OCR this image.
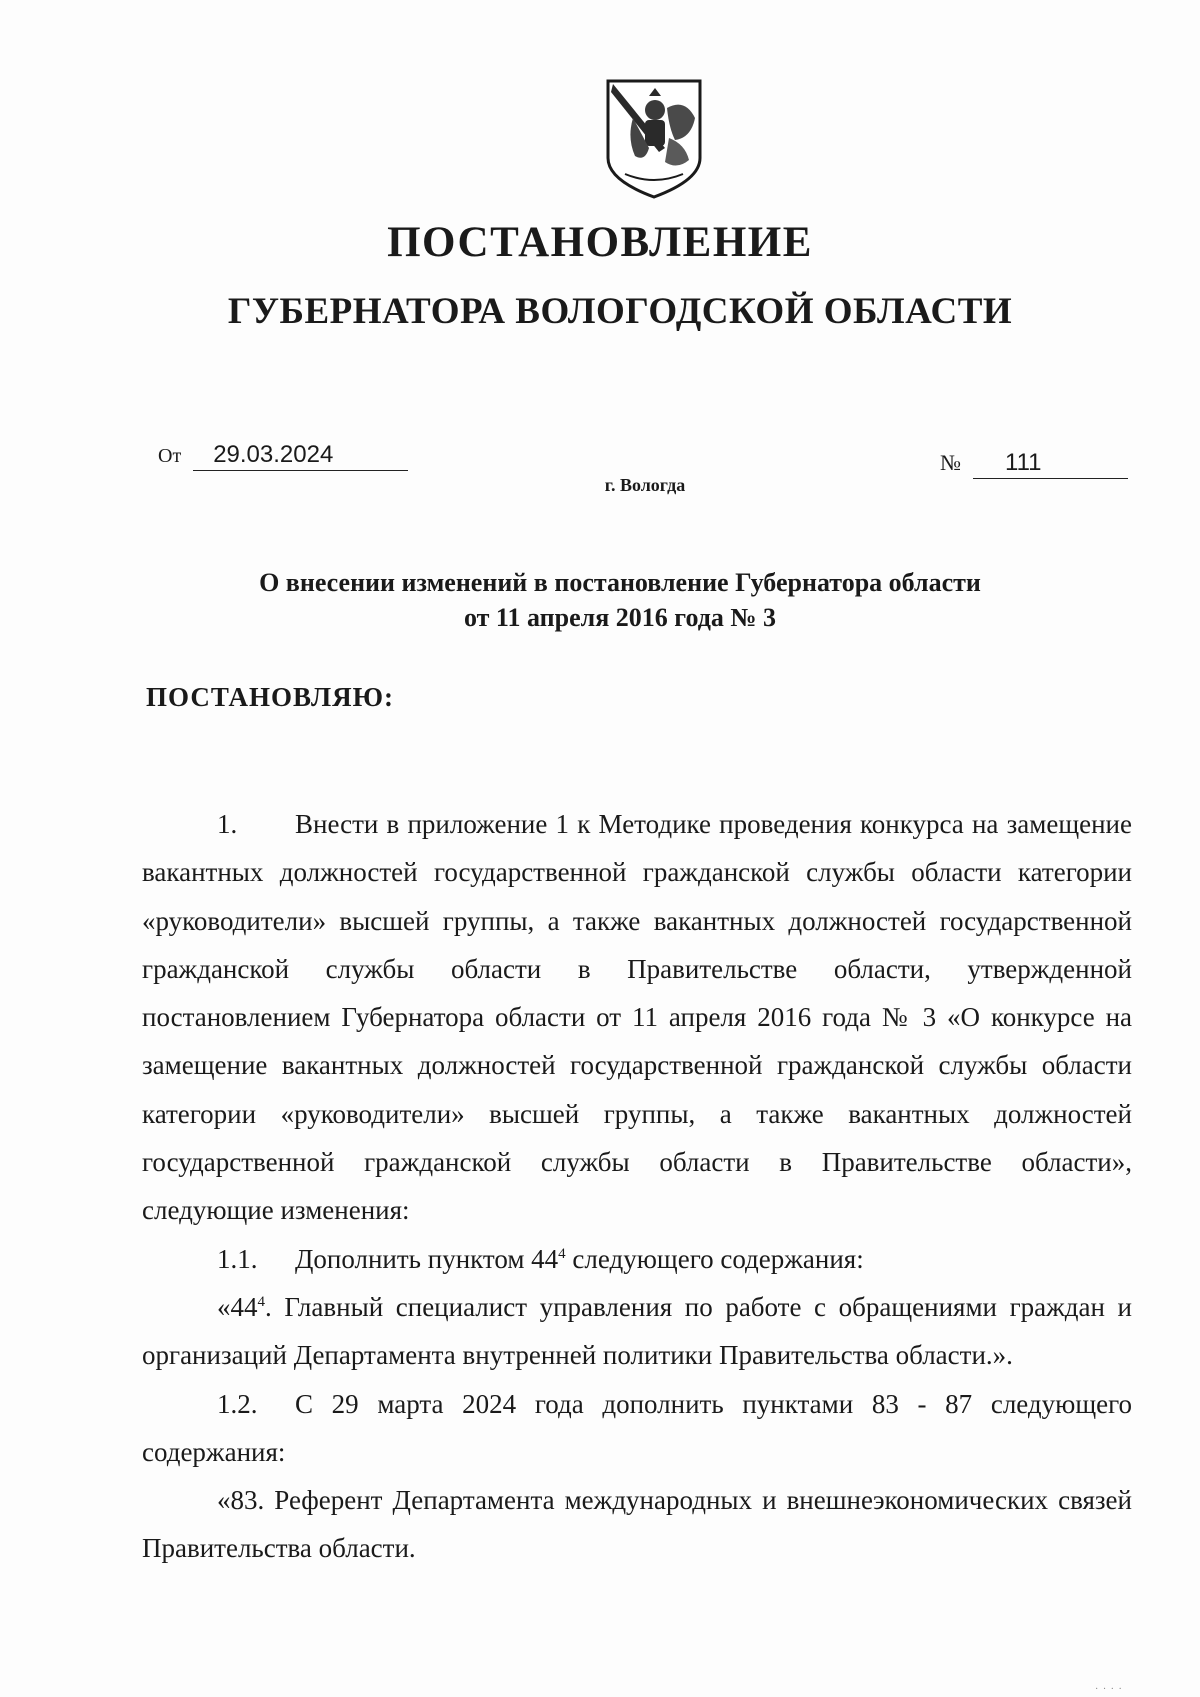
ПОСТАНОВЛЕНИЕ
ГУБЕРНАТОРА ВОЛОГОДСКОЙ ОБЛАСТИ
От 29.03.2024
г. Вологда
№ 111
О внесении изменений в постановление Губернатора области
от 11 апреля 2016 года № 3
ПОСТАНОВЛЯЮ:

1. Внести в приложение 1 к Методике проведения конкурса на замещение вакантных должностей государственной гражданской службы области категории «руководители» высшей группы, а также вакантных должностей государственной гражданской службы области в Правительстве области, утвержденной постановлением Губернатора области от 11 апреля 2016 года № 3 «О конкурсе на замещение вакантных должностей государственной гражданской службы области категории «руководители» высшей группы, а также вакантных должностей государственной гражданской службы области в Правительстве области», следующие изменения:

1.1. Дополнить пунктом $44^4$ следующего содержания:

«$44^4$. Главный специалист управления по работе с обращениями граждан и организаций Департамента внутренней политики Правительства области.».

1.2. С 29 марта 2024 года дополнить пунктами 83 - 87 следующего содержания:

«83. Референт Департамента международных и внешнеэкономических связей Правительства области.

· · · ·
